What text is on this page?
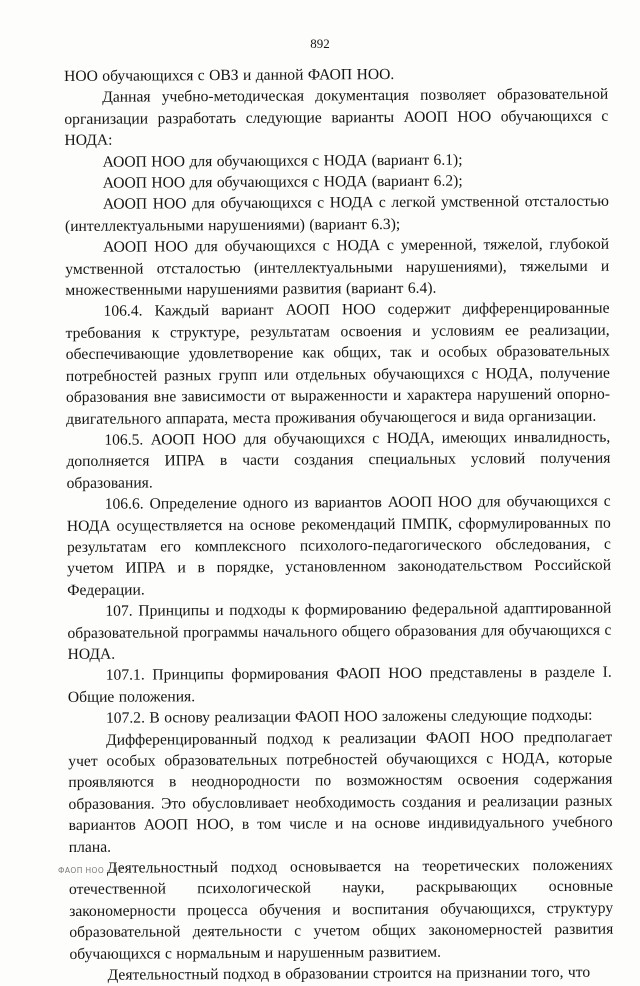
892

НОО обучающихся с ОВЗ и данной ФАОП НОО.

Данная учебно-методическая документация позволяет образовательной организации разработать следующие варианты АООП НОО обучающихся с НОДА:

АООП НОО для обучающихся с НОДА (вариант 6.1);

АООП НОО для обучающихся с НОДА (вариант 6.2);

АООП НОО для обучающихся с НОДА с легкой умственной отсталостью (интеллектуальными нарушениями) (вариант 6.3);

АООП НОО для обучающихся с НОДА с умеренной, тяжелой, глубокой умственной отсталостью (интеллектуальными нарушениями), тяжелыми и множественными нарушениями развития (вариант 6.4).

106.4. Каждый вариант АООП НОО содержит дифференцированные требования к структуре, результатам освоения и условиям ее реализации, обеспечивающие удовлетворение как общих, так и особых образовательных потребностей разных групп или отдельных обучающихся с НОДА, получение образования вне зависимости от выраженности и характера нарушений опорно-двигательного аппарата, места проживания обучающегося и вида организации.

106.5. АООП НОО для обучающихся с НОДА, имеющих инвалидность, дополняется ИПРА в части создания специальных условий получения образования.

106.6. Определение одного из вариантов АООП НОО для обучающихся с НОДА осуществляется на основе рекомендаций ПМПК, сформулированных по результатам его комплексного психолого-педагогического обследования, с учетом ИПРА и в порядке, установленном законодательством Российской Федерации.

107. Принципы и подходы к формированию федеральной адаптированной образовательной программы начального общего образования для обучающихся с НОДА.

107.1. Принципы формирования ФАОП НОО представлены в разделе I. Общие положения.

107.2. В основу реализации ФАОП НОО заложены следующие подходы:

Дифференцированный подход к реализации ФАОП НОО предполагает учет особых образовательных потребностей обучающихся с НОДА, которые проявляются в неоднородности по возможностям освоения содержания образования. Это обусловливает необходимость создания и реализации разных вариантов АООП НОО, в том числе и на основе индивидуального учебного плана.

Деятельностный подход основывается на теоретических положениях отечественной психологической науки, раскрывающих основные закономерности процесса обучения и воспитания обучающихся, структуру образовательной деятельности с учетом общих закономерностей развития обучающихся с нормальным и нарушенным развитием.

Деятельностный подход в образовании строится на признании того, что

ФАОП НОО - 07
